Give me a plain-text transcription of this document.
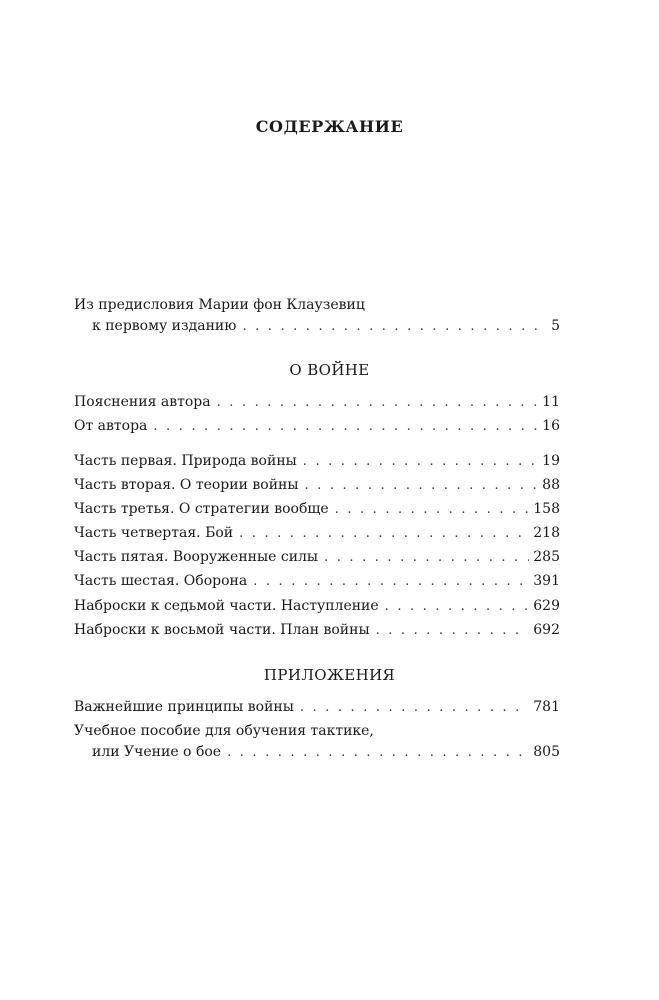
СОДЕРЖАНИЕ
Из предисловия Марии фон Клаузевиц
к первому изданию . . .	5
О ВОЙНЕ
Пояснения автора . . .	11
От автора . . .	16
Часть первая. Природа войны . . .	19
Часть вторая. О теории войны . . .	88
Часть третья. О стратегии вообще . . .	158
Часть четвертая. Бой . . .	218
Часть пятая. Вооруженные силы . . .	285
Часть шестая. Оборона . . .	391
Наброски к седьмой части. Наступление . . .	629
Наброски к восьмой части. План войны . . .	692
ПРИЛОЖЕНИЯ
Важнейшие принципы войны . . .	781
Учебное пособие для обучения тактике,
или Учение о бое . . .	805
